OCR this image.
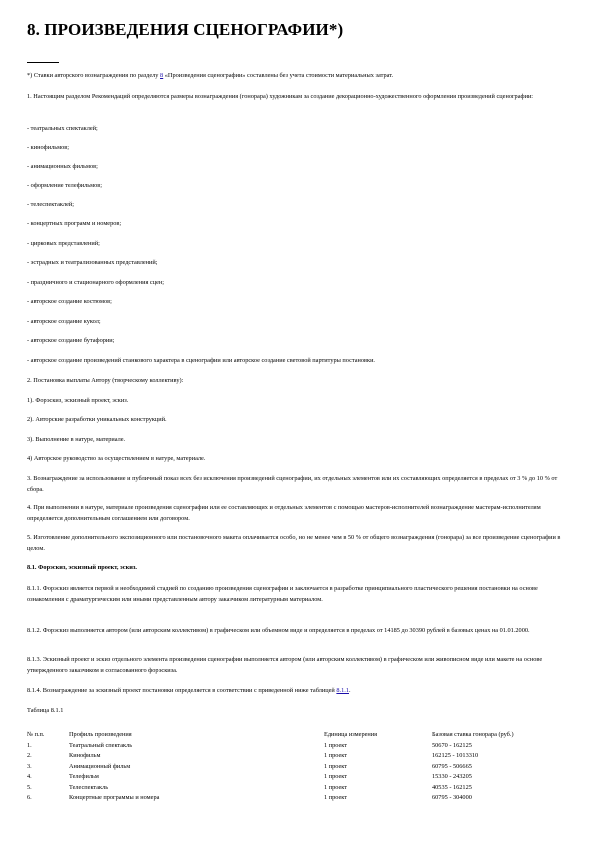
8. ПРОИЗВЕДЕНИЯ СЦЕНОГРАФИИ*)
*) Ставки авторского вознаграждения по разделу 8 «Произведения сценографии» составлены без учета стоимости материальных затрат.
1. Настоящим разделом Рекомендаций определяются размеры вознаграждения (гонорара) художникам за создание декорационно-художественного оформления произведений сценографии:
- театральных спектаклей;
- кинофильмов;
- анимационных фильмов;
- оформление телефильмов;
- телеспектаклей;
- концертных программ и номеров;
- цирковых представлений;
- эстрадных и театрализованных представлений;
- праздничного и стационарного оформления сцен;
- авторское создание костюмов;
- авторское создание кукол;
- авторское создание бутафории;
- авторское создание произведений станкового характера в сценографии или авторское создание световой партитуры постановки.
2. Постановка выплаты Автору (творческому коллективу):
1). Форэскиз, эскизный проект, эскиз.
2). Авторские разработки уникальных конструкций.
3). Выполнение в натуре, материале.
4) Авторское руководство за осуществлением в натуре, материале.
3. Вознаграждение за использование и публичный показ всех без исключения произведений сценографии, их отдельных элементов или их составляющих определяется в пределах от 3 % до 10 % от сбора.
4. При выполнении в натуре, материале произведения сценографии или ее составляющих и отдельных элементов с помощью мастеров-исполнителей вознаграждение мастерам-исполнителям определяется дополнительным соглашением или договором.
5. Изготовление дополнительного экспозиционного или постановочного макета оплачивается особо, но не менее чем в 50 % от общего вознаграждения (гонорара) за все произведение сценографии в целом.
8.1. Форэскиз, эскизный проект, эскиз.
8.1.1. Форэскиз является первой и необходимой стадией по созданию произведения сценографии и заключается в разработке принципиального пластического решения постановки на основе ознакомления с драматургическим или иными представленным автору заказчиком литературным материалом.
8.1.2. Форэскиз выполняется автором (или авторским коллективом) в графическом или объемном виде и определяется в пределах от 14185 до 30390 рублей в базовых ценах на 01.01.2000.
8.1.3. Эскизный проект и эскиз отдельного элемента произведения сценографии выполняется автором (или авторским коллективом) в графическом или живописном виде или макете на основе утвержденного заказчиком и согласованного форэскиза.
8.1.4. Вознаграждение за эскизный проект постановки определяется в соответствии с приведенной ниже таблицей 8.1.1.
Таблица 8.1.1
№ п.п.	Профиль произведения	Единица измерения	Базовая ставка гонорара (руб.)
1.	Театральный спектакль	1 проект	50670 - 162125
2.	Кинофильм	1 проект	162125 - 1013310
3.	Анимационный фильм	1 проект	60795 - 506665
4.	Телефильм	1 проект	15330 - 243205
5.	Телеспектакль	1 проект	40535 - 162125
6.	Концертные программы и номера	1 проект	60795 - 304000
